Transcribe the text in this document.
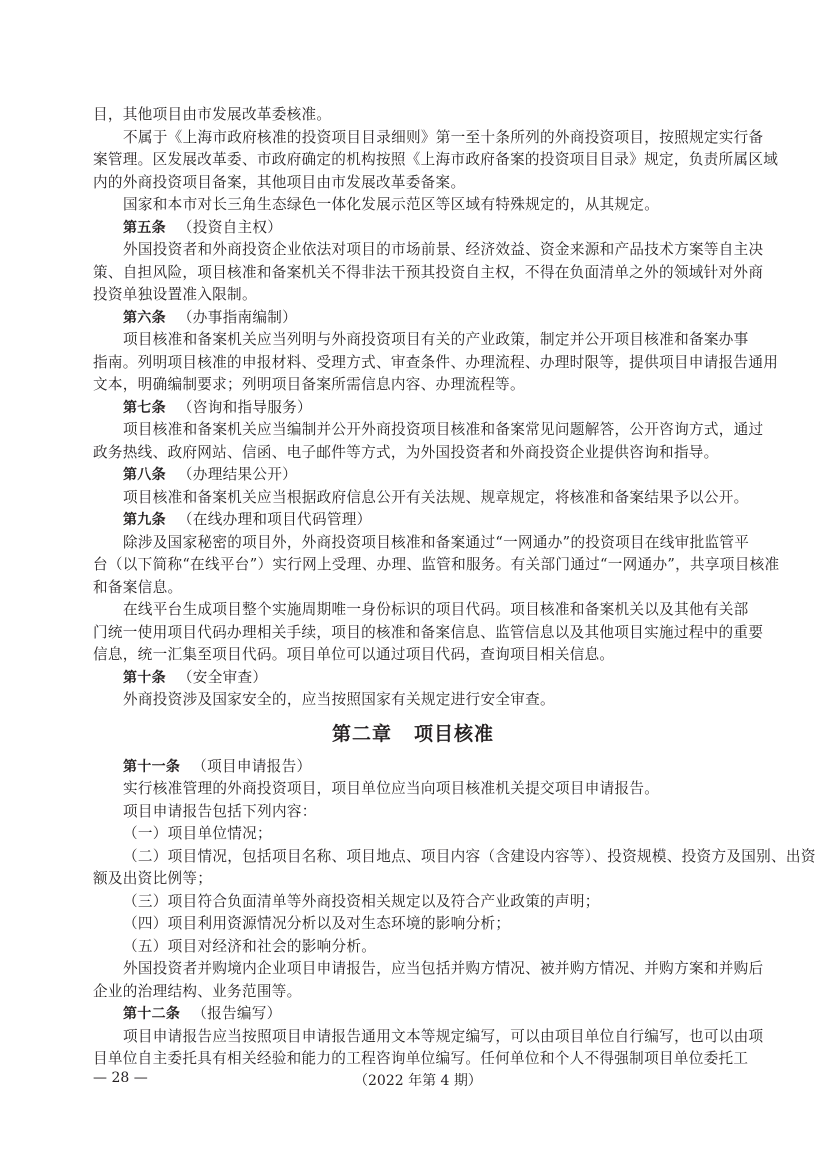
目，其他项目由市发展改革委核准。
不属于《上海市政府核准的投资项目目录细则》第一至十条所列的外商投资项目，按照规定实行备
案管理。区发展改革委、市政府确定的机构按照《上海市政府备案的投资项目目录》规定，负责所属区域
内的外商投资项目备案，其他项目由市发展改革委备案。
国家和本市对长三角生态绿色一体化发展示范区等区域有特殊规定的，从其规定。
第五条 （投资自主权）
外国投资者和外商投资企业依法对项目的市场前景、经济效益、资金来源和产品技术方案等自主决
策、自担风险，项目核准和备案机关不得非法干预其投资自主权，不得在负面清单之外的领域针对外商
投资单独设置准入限制。
第六条 （办事指南编制）
项目核准和备案机关应当列明与外商投资项目有关的产业政策，制定并公开项目核准和备案办事
指南。列明项目核准的申报材料、受理方式、审查条件、办理流程、办理时限等，提供项目申请报告通用
文本，明确编制要求；列明项目备案所需信息内容、办理流程等。
第七条 （咨询和指导服务）
项目核准和备案机关应当编制并公开外商投资项目核准和备案常见问题解答，公开咨询方式，通过
政务热线、政府网站、信函、电子邮件等方式，为外国投资者和外商投资企业提供咨询和指导。
第八条 （办理结果公开）
项目核准和备案机关应当根据政府信息公开有关法规、规章规定，将核准和备案结果予以公开。
第九条 （在线办理和项目代码管理）
除涉及国家秘密的项目外，外商投资项目核准和备案通过“一网通办”的投资项目在线审批监管平
台（以下简称“在线平台”）实行网上受理、办理、监管和服务。有关部门通过“一网通办”，共享项目核准
和备案信息。
在线平台生成项目整个实施周期唯一身份标识的项目代码。项目核准和备案机关以及其他有关部
门统一使用项目代码办理相关手续，项目的核准和备案信息、监管信息以及其他项目实施过程中的重要
信息，统一汇集至项目代码。项目单位可以通过项目代码，查询项目相关信息。
第十条 （安全审查）
外商投资涉及国家安全的，应当按照国家有关规定进行安全审查。
第二章 项目核准
第十一条 （项目申请报告）
实行核准管理的外商投资项目，项目单位应当向项目核准机关提交项目申请报告。
项目申请报告包括下列内容：
（一）项目单位情况；
（二）项目情况，包括项目名称、项目地点、项目内容（含建设内容等）、投资规模、投资方及国别、出资
额及出资比例等；
（三）项目符合负面清单等外商投资相关规定以及符合产业政策的声明；
（四）项目利用资源情况分析以及对生态环境的影响分析；
（五）项目对经济和社会的影响分析。
外国投资者并购境内企业项目申请报告，应当包括并购方情况、被并购方情况、并购方案和并购后
企业的治理结构、业务范围等。
第十二条 （报告编写）
项目申请报告应当按照项目申请报告通用文本等规定编写，可以由项目单位自行编写，也可以由项
目单位自主委托具有相关经验和能力的工程咨询单位编写。任何单位和个人不得强制项目单位委托工
— 28 —	（2022 年第 4 期）
